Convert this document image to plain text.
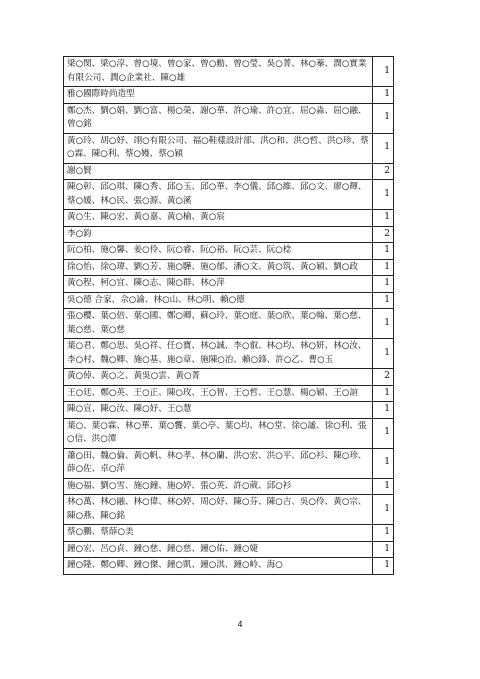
梁○閔、梁○淳、曾○境、曾○家、曾○勳、曾○瑩、吳○菁、林○蓁、潤○實業有限公司、潤○企業社、陳○雄	1
雅○國際時尚造型	1
鄭○杰、劉○娟、劉○富、楊○榮、謝○華、許○瑜、許○宜、屈○淼、屈○融、曾○銘	1
黃○玲、胡○妤、翊○有限公司、福○鞋樣設計部、洪○和、洪○哲、洪○珍、蔡○霖、陳○利、蔡○嫚、蔡○穎	1
謝○賢	2
陳○彰、邱○琪、陳○秀、邱○玉、邱○華、李○儀、邱○維、邱○文、廖○輝、蔡○媛、林○民、張○源、黃○溪	1
黃○生、陳○宏、黃○嘉、黃○榆、黃○宸	1
李○鈞	2
阮○柏、施○馨、姜○伶、阮○睿、阮○裕、阮○芸、阮○棯	1
徐○怡、徐○瑋、劉○芳、施○驊、施○郁、潘○文、黃○筑、黃○穎、劉○政	1
黃○程、柯○宜、陳○志、陳○群、林○萍	1
吳○德 合家、佘○諭、林○山、林○明、賴○德	1
張○櫻、葉○倍、葉○國、鄭○卿、蘇○玲、葉○庭、葉○欣、葉○翰、葉○慈、葉○慈、葉○慈	1
葉○君、鄭○思、吳○祥、任○寶、林○誠、李○叡、林○均、林○妍、林○汝、李○村、魏○卿、施○基、施○章、施陳○治、賴○鋒、許○乙、曹○玉	1
黃○倬、黃○之、黃吳○雲、黃○菁	2
王○廷、鄭○英、王○正、陳○玫、王○智、王○哲、王○慧、楊○穎、王○諠	1
陳○宣、陳○汝、陳○妤、王○慧	1
葉○、葉○霖、林○華、葉○饗、葉○亭、葉○均、林○堂、徐○謐、徐○利、張○信、洪○潭	1
蕭○田、魏○倫、黃○帆、林○孝、林○蘭、洪○宏、洪○平、邱○衫、陳○珍、薛○佐、卓○萍	1
施○福、劉○雪、施○鐘、施○婷、張○英、許○葳、邱○衫	1
林○萬、林○融、林○偉、林○婷、周○妤、陳○芬、陳○吉、吳○伶、黃○宗、陳○燕、陳○銘	1
蔡○鵬、蔡薛○美	1
鐘○宏、呂○貞、鐘○慈、鐘○慈、鐘○佑、鐘○婕	1
鐘○隆、鄭○卿、鐘○傑、鐘○凱、鐘○淇、鐘○岭、海○	1
4
